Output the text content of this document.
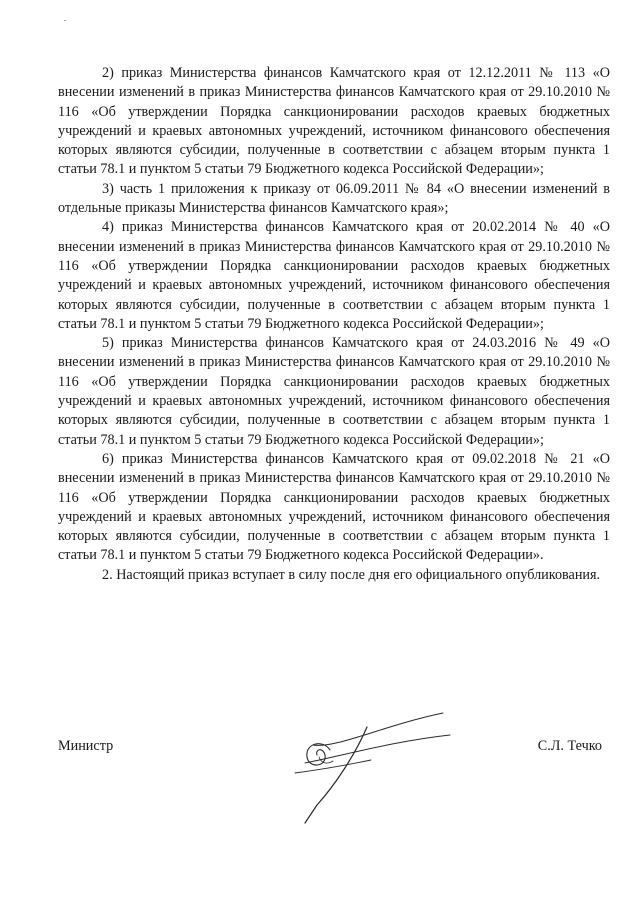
2) приказ Министерства финансов Камчатского края от 12.12.2011 № 113 «О внесении изменений в приказ Министерства финансов Камчатского края от 29.10.2010 № 116 «Об утверждении Порядка санкционировании расходов краевых бюджетных учреждений и краевых автономных учреждений, источником финансового обеспечения которых являются субсидии, полученные в соответствии с абзацем вторым пункта 1 статьи 78.1 и пунктом 5 статьи 79 Бюджетного кодекса Российской Федерации»;

3) часть 1 приложения к приказу от 06.09.2011 № 84 «О внесении изменений в отдельные приказы Министерства финансов Камчатского края»;

4) приказ Министерства финансов Камчатского края от 20.02.2014 № 40 «О внесении изменений в приказ Министерства финансов Камчатского края от 29.10.2010 № 116 «Об утверждении Порядка санкционировании расходов краевых бюджетных учреждений и краевых автономных учреждений, источником финансового обеспечения которых являются субсидии, полученные в соответствии с абзацем вторым пункта 1 статьи 78.1 и пунктом 5 статьи 79 Бюджетного кодекса Российской Федерации»;

5) приказ Министерства финансов Камчатского края от 24.03.2016 № 49 «О внесении изменений в приказ Министерства финансов Камчатского края от 29.10.2010 № 116 «Об утверждении Порядка санкционировании расходов краевых бюджетных учреждений и краевых автономных учреждений, источником финансового обеспечения которых являются субсидии, полученные в соответствии с абзацем вторым пункта 1 статьи 78.1 и пунктом 5 статьи 79 Бюджетного кодекса Российской Федерации»;

6) приказ Министерства финансов Камчатского края от 09.02.2018 № 21 «О внесении изменений в приказ Министерства финансов Камчатского края от 29.10.2010 № 116 «Об утверждении Порядка санкционировании расходов краевых бюджетных учреждений и краевых автономных учреждений, источником финансового обеспечения которых являются субсидии, полученные в соответствии с абзацем вторым пункта 1 статьи 78.1 и пунктом 5 статьи 79 Бюджетного кодекса Российской Федерации».

2. Настоящий приказ вступает в силу после дня его официального опубликования.

Министр	С.Л. Течко
